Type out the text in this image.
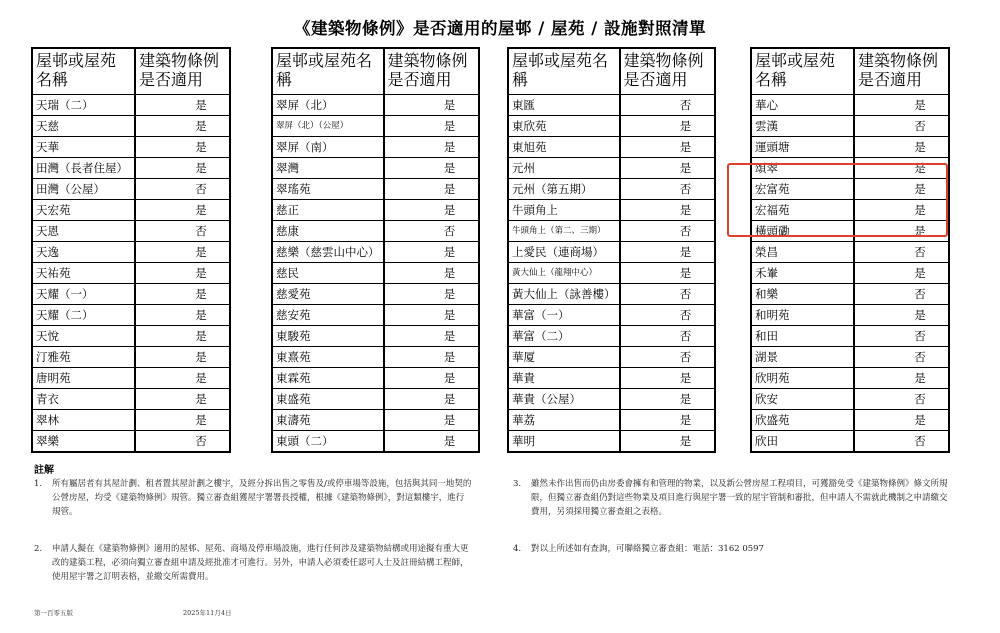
《建築物條例》是否適用的屋邨 / 屋苑 / 設施對照清單
屋邨或屋苑名稱	建築物條例是否適用
天瑞（二）	是
天慈	是
天華	是
田灣（長者住屋）	是
田灣（公屋）	否
天宏苑	是
天恩	否
天逸	是
天祐苑	是
天耀（一）	是
天耀（二）	是
天悅	是
汀雅苑	是
唐明苑	是
青衣	是
翠林	是
翠樂	否
屋邨或屋苑名稱	建築物條例是否適用
翠屏（北）	是
翠屏（北）（公屋）	是
翠屏（南）	是
翠灣	是
翠瑤苑	是
慈正	是
慈康	否
慈樂（慈雲山中心）	是
慈民	是
慈愛苑	是
慈安苑	是
東駿苑	是
東熹苑	是
東霖苑	是
東盛苑	是
東濤苑	是
東頭（二）	是
屋邨或屋苑名稱	建築物條例是否適用
東匯	否
東欣苑	是
東旭苑	是
元州	是
元州（第五期）	否
牛頭角上	是
牛頭角上（第二、三期）	否
上愛民（連商場）	是
黃大仙上（龍翔中心）	是
黃大仙上（詠善樓）	否
華富（一）	否
華富（二）	否
華厦	否
華貴	是
華貴（公屋）	是
華荔	是
華明	是
屋邨或屋苑名稱	建築物條例是否適用
華心	是
雲漢	否
運頭塘	是
頌翠	是
宏富苑	是
宏福苑	是
橫頭磡	是
榮昌	否
禾輋	是
和樂	否
和明苑	是
和田	否
湖景	否
欣明苑	是
欣安	否
欣盛苑	是
欣田	否
註解
1. 所有屬居者有其屋計劃、租者置其屋計劃之樓宇，及經分拆出售之零售及/或停車場等設施，包括與其同一地契的公營房屋，均受《建築物條例》規管。獨立審查組獲屋宇署署長授權，根據《建築物條例》，對這類樓宇，進行規管。
2. 申請人擬在《建築物條例》適用的屋邨、屋苑、商場及停車場設施，進行任何涉及建築物結構或用途擬有重大更改的建築工程，必須向獨立審查組申請及經批准才可進行。另外，申請人必須委任認可人士及註冊結構工程師，使用屋宇署之訂明表格，並繳交所需費用。
3. 雖然未作出售而仍由房委會擁有和管理的物業，以及新公營房屋工程項目，可獲豁免受《建築物條例》條文所規限，但獨立審查組仍對這些物業及項目進行與屋宇署一致的屋宇管制和審批，但申請人不需就此機制之申請繳交費用，另須採用獨立審查組之表格。
4. 對以上所述如有查詢，可聯絡獨立審查組：電話：3162 0597
第一百零五版	2025年11月4日
